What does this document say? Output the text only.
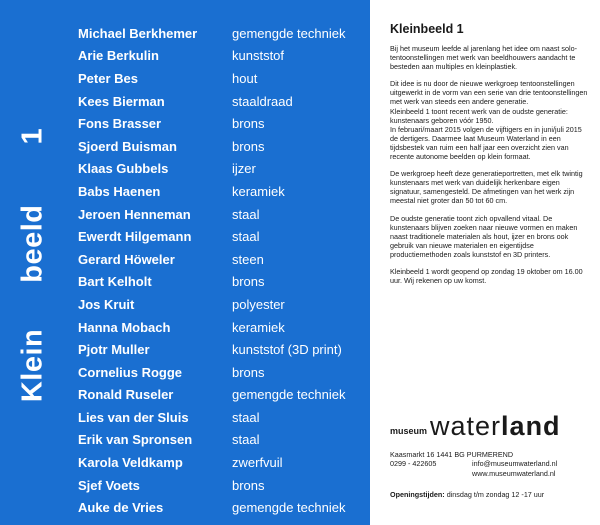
Kleinbeeld1
Michael Berkhemer	gemengde techniek
Arie Berkulin	kunststof
Peter Bes	hout
Kees Bierman	staaldraad
Fons Brasser	brons
Sjoerd Buisman	brons
Klaas Gubbels	ijzer
Babs Haenen	keramiek
Jeroen Henneman	staal
Ewerdt Hilgemann	staal
Gerard Höweler	steen
Bart Kelholt	brons
Jos Kruit	polyester
Hanna Mobach	keramiek
Pjotr Muller	kunststof (3D print)
Cornelius Rogge	brons
Ronald Ruseler	gemengde techniek
Lies van der Sluis	staal
Erik van Spronsen	staal
Karola Veldkamp	zwerfvuil
Sjef Voets	brons
Auke de Vries	gemengde techniek
Kleinbeeld 1

Bij het museum leefde al jarenlang het idee om naast solo-tentoonstellingen met werk van beeldhouwers aandacht te besteden aan multiples en kleinplastiek.

Dit idee is nu door de nieuwe werkgroep tentoonstellingen uitgewerkt in de vorm van een serie van drie tentoonstellingen met werk van steeds een andere generatie.
Kleinbeeld 1 toont recent werk van de oudste generatie: kunstenaars geboren vóór 1950.
In februari/maart 2015 volgen de vijftigers en in juni/juli 2015 de dertigers. Daarmee laat Museum Waterland in een tijdsbestek van ruim een half jaar een overzicht zien van recente autonome beelden op klein formaat.

De werkgroep heeft deze generatieportretten, met elk twintig kunstenaars met werk van duidelijk herkenbare eigen signatuur, samengesteld. De afmetingen van het werk zijn meestal niet groter dan 50 tot 60 cm.

De oudste generatie toont zich opvallend vitaal. De kunstenaars blijven zoeken naar nieuwe vormen en maken naast traditionele materialen als hout, ijzer en brons ook gebruik van nieuwe materialen en eigentijdse productiemethoden zoals kunststof en 3D printers.

Kleinbeeld 1 wordt geopend op zondag 19 oktober om 16.00 uur. Wij rekenen op uw komst.

museum water land
Kaasmarkt 16 1441 BG PURMEREND
0299 - 422605	info@museumwaterland.nl
www.museumwaterland.nl
Openingstijden: dinsdag t/m zondag 12 -17 uur
